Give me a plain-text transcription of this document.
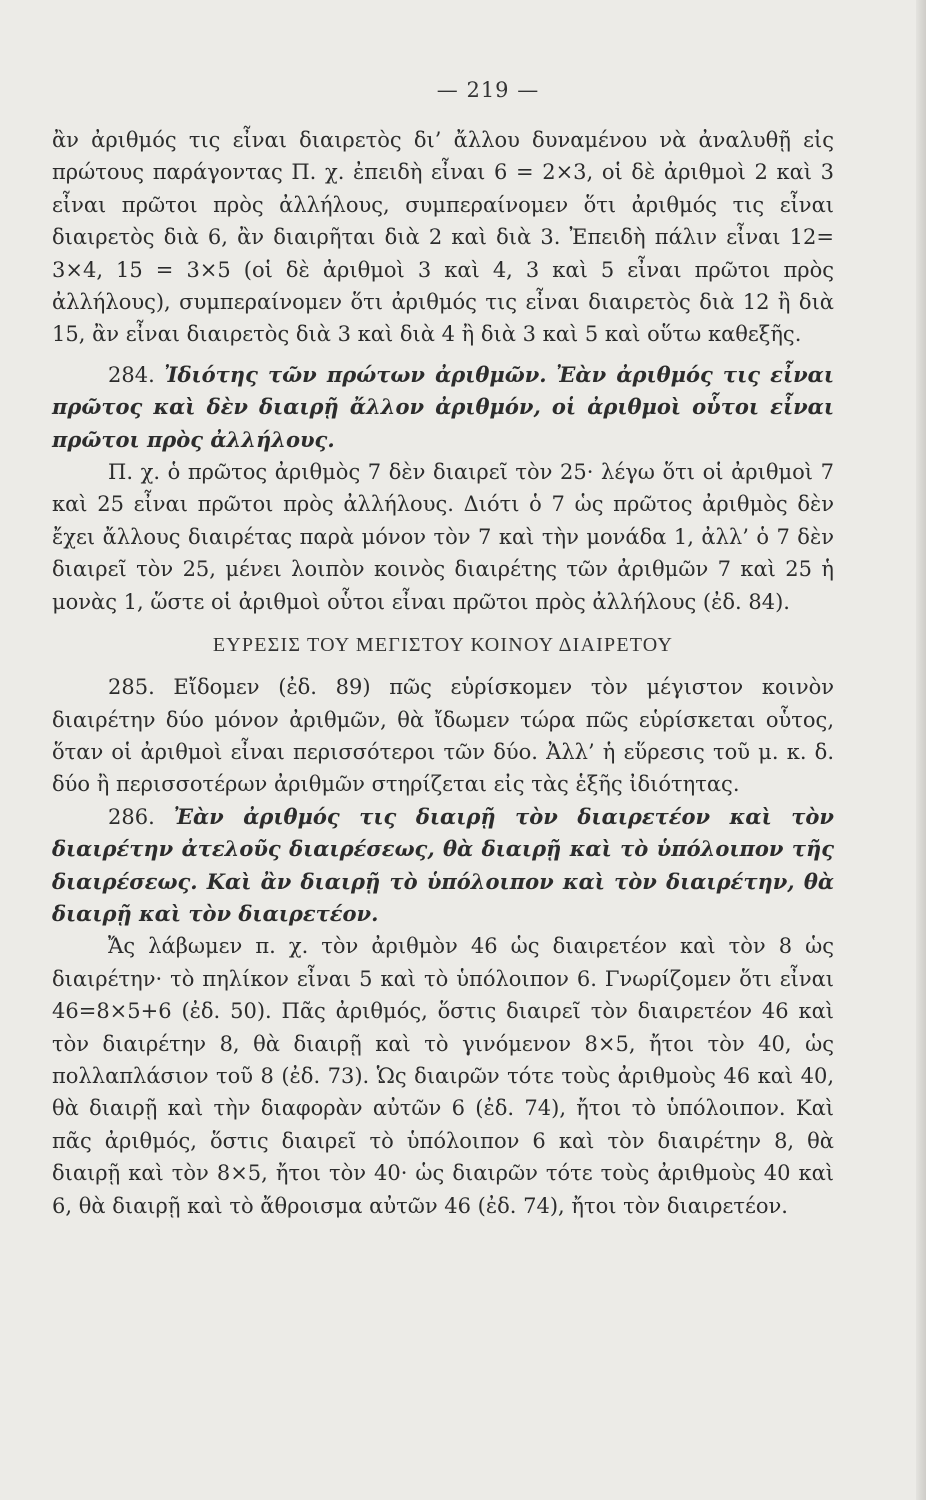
— 219 —

ἂν ἀριθμός τις εἶναι διαιρετὸς δι’ ἄλλου δυναμένου νὰ ἀναλυθῇ εἰς πρώτους παράγοντας Π. χ. ἐπειδὴ εἶναι 6 = 2×3, οἱ δὲ ἀριθμοὶ 2 καὶ 3 εἶναι πρῶτοι πρὸς ἀλλήλους, συμπεραίνομεν ὅτι ἀριθμός τις εἶναι διαιρετὸς διὰ 6, ἂν διαιρῆται διὰ 2 καὶ διὰ 3. Ἐπειδὴ πάλιν εἶναι 12= 3×4, 15 = 3×5 (οἱ δὲ ἀριθμοὶ 3 καὶ 4, 3 καὶ 5 εἶναι πρῶτοι πρὸς ἀλλήλους), συμπεραίνομεν ὅτι ἀριθμός τις εἶναι διαιρετὸς διὰ 12 ἢ διὰ 15, ἂν εἶναι διαιρετὸς διὰ 3 καὶ διὰ 4 ἢ διὰ 3 καὶ 5 καὶ οὕτω καθεξῆς.

284. Ἰδιότης τῶν πρώτων ἀριθμῶν. Ἐὰν ἀριθμός τις εἶναι πρῶτος καὶ δὲν διαιρῇ ἄλλον ἀριθμόν, οἱ ἀριθμοὶ οὗτοι εἶναι πρῶτοι πρὸς ἀλλήλους.

Π. χ. ὁ πρῶτος ἀριθμὸς 7 δὲν διαιρεῖ τὸν 25· λέγω ὅτι οἱ ἀριθμοὶ 7 καὶ 25 εἶναι πρῶτοι πρὸς ἀλλήλους. Διότι ὁ 7 ὡς πρῶτος ἀριθμὸς δὲν ἔχει ἄλλους διαιρέτας παρὰ μόνον τὸν 7 καὶ τὴν μονάδα 1, ἀλλ’ ὁ 7 δὲν διαιρεῖ τὸν 25, μένει λοιπὸν κοινὸς διαιρέτης τῶν ἀριθμῶν 7 καὶ 25 ἡ μονὰς 1, ὥστε οἱ ἀριθμοὶ οὗτοι εἶναι πρῶτοι πρὸς ἀλλήλους (ἐδ. 84).

ΕΥΡΕΣΙΣ ΤΟΥ ΜΕΓΙΣΤΟΥ ΚΟΙΝΟΥ ΔΙΑΙΡΕΤΟΥ

285. Εἴδομεν (ἐδ. 89) πῶς εὑρίσκομεν τὸν μέγιστον κοινὸν διαιρέτην δύο μόνον ἀριθμῶν, θὰ ἴδωμεν τώρα πῶς εὑρίσκεται οὗτος, ὅταν οἱ ἀριθμοὶ εἶναι περισσότεροι τῶν δύο. Ἀλλ’ ἡ εὕρεσις τοῦ μ. κ. δ. δύο ἢ περισσοτέρων ἀριθμῶν στηρίζεται εἰς τὰς ἑξῆς ἰδιότητας.

286. Ἐὰν ἀριθμός τις διαιρῇ τὸν διαιρετέον καὶ τὸν διαιρέτην ἀτελοῦς διαιρέσεως, θὰ διαιρῇ καὶ τὸ ὑπόλοιπον τῆς διαιρέσεως. Καὶ ἂν διαιρῇ τὸ ὑπόλοιπον καὶ τὸν διαιρέτην, θὰ διαιρῇ καὶ τὸν διαιρετέον.

Ἄς λάβωμεν π. χ. τὸν ἀριθμὸν 46 ὡς διαιρετέον καὶ τὸν 8 ὡς διαιρέτην· τὸ πηλίκον εἶναι 5 καὶ τὸ ὑπόλοιπον 6. Γνωρίζομεν ὅτι εἶναι 46=8×5+6 (ἐδ. 50). Πᾶς ἀριθμός, ὅστις διαιρεῖ τὸν διαιρετέον 46 καὶ τὸν διαιρέτην 8, θὰ διαιρῇ καὶ τὸ γινόμενον 8×5, ἤτοι τὸν 40, ὡς πολλαπλάσιον τοῦ 8 (ἐδ. 73). Ὡς διαιρῶν τότε τοὺς ἀριθμοὺς 46 καὶ 40, θὰ διαιρῇ καὶ τὴν διαφορὰν αὐτῶν 6 (ἐδ. 74), ἤτοι τὸ ὑπόλοιπον. Καὶ πᾶς ἀριθμός, ὅστις διαιρεῖ τὸ ὑπόλοιπον 6 καὶ τὸν διαιρέτην 8, θὰ διαιρῇ καὶ τὸν 8×5, ἤτοι τὸν 40· ὡς διαιρῶν τότε τοὺς ἀριθμοὺς 40 καὶ 6, θὰ διαιρῇ καὶ τὸ ἄθροισμα αὐτῶν 46 (ἐδ. 74), ἤτοι τὸν διαιρετέον.
